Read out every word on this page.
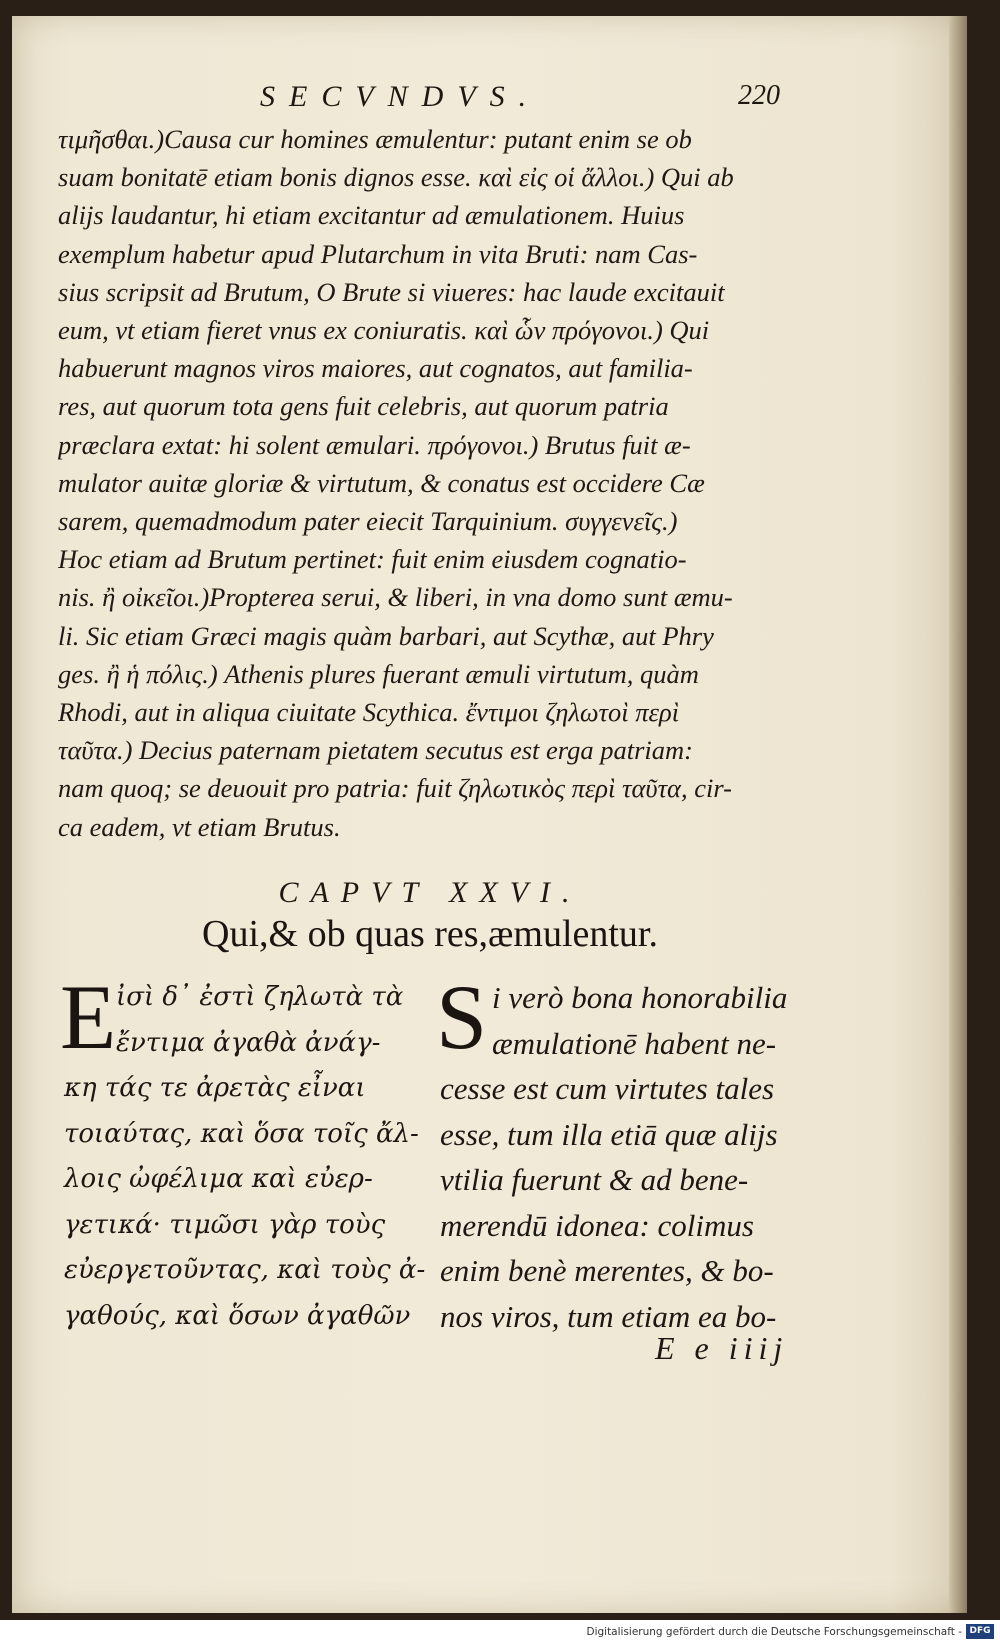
SECVNDVS.	220
τιμῆσθαι.)Causa cur homines æmulentur: putant enim se ob
suam bonitatē etiam bonis dignos esse. καὶ εἰς οἱ ἄλλοι.) Qui ab
alijs laudantur, hi etiam excitantur ad æmulationem. Huius
exemplum habetur apud Plutarchum in vita Bruti: nam Cas-
sius scripsit ad Brutum, O Brute si viueres: hac laude excitauit
eum, vt etiam fieret vnus ex coniuratis. καὶ ὧν πρόγονοι.) Qui
habuerunt magnos viros maiores, aut cognatos, aut familia-
res, aut quorum tota gens fuit celebris, aut quorum patria
præclara extat: hi solent æmulari. πρόγονοι.) Brutus fuit æ-
mulator auitæ gloriæ & virtutum, & conatus est occidere Cæ
sarem, quemadmodum pater eiecit Tarquinium. συγγενεῖς.)
Hoc etiam ad Brutum pertinet: fuit enim eiusdem cognatio-
nis. ἢ οἰκεῖοι.)Propterea serui, & liberi, in vna domo sunt æmu-
li. Sic etiam Græci magis quàm barbari, aut Scythæ, aut Phry
ges. ἢ ἡ πόλις.) Athenis plures fuerant æmuli virtutum, quàm
Rhodi, aut in aliqua ciuitate Scythica. ἔντιμοι ζηλωτοὶ περὶ
ταῦτα.) Decius paternam pietatem secutus est erga patriam:
nam quoq; se deuouit pro patria: fuit ζηλωτικὸς περὶ ταῦτα, cir-
ca eadem, vt etiam Brutus.
CAPVT XXVI.
Qui,& ob quas res,æmulentur.
E ἰσὶ δ᾽ ἐστὶ ζηλωτὰ τὰ
ἔντιμα ἀγαθὰ ἀνάγ-
κη τάς τε ἀρετὰς εἶναι
τοιαύτας, καὶ ὅσα τοῖς ἄλ-
λοις ὠφέλιμα καὶ εὐερ-
γετικά· τιμῶσι γὰρ τοὺς
εὐεργετοῦντας, καὶ τοὺς ἀ-
γαθούς, καὶ ὅσων ἀγαθῶν
S i verò bona honorabilia
æmulationē habent ne-
cesse est cum virtutes tales
esse, tum illa etiā quæ alijs
vtilia fuerunt & ad bene-
merendū idonea: colimus
enim benè merentes, & bo-
nos viros, tum etiam ea bo-
E e iiij
Digitalisierung gefördert durch die Deutsche Forschungsgemeinschaft - DFG
